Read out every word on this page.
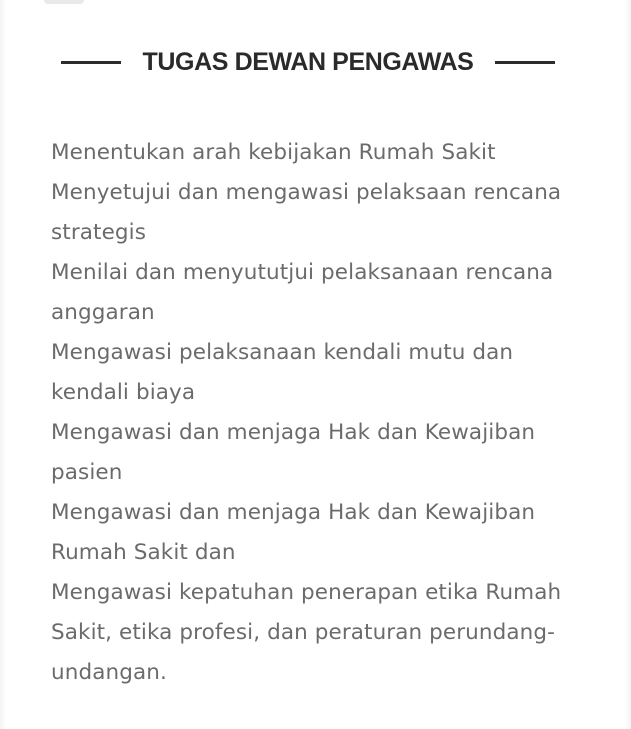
TUGAS DEWAN PENGAWAS
Menentukan arah kebijakan Rumah Sakit
Menyetujui dan mengawasi pelaksaan rencana strategis
Menilai dan menyututjui pelaksanaan rencana anggaran
Mengawasi pelaksanaan kendali mutu dan kendali biaya
Mengawasi dan menjaga Hak dan Kewajiban pasien
Mengawasi dan menjaga Hak dan Kewajiban Rumah Sakit dan
Mengawasi kepatuhan penerapan etika Rumah Sakit, etika profesi, dan peraturan perundang- undangan.
